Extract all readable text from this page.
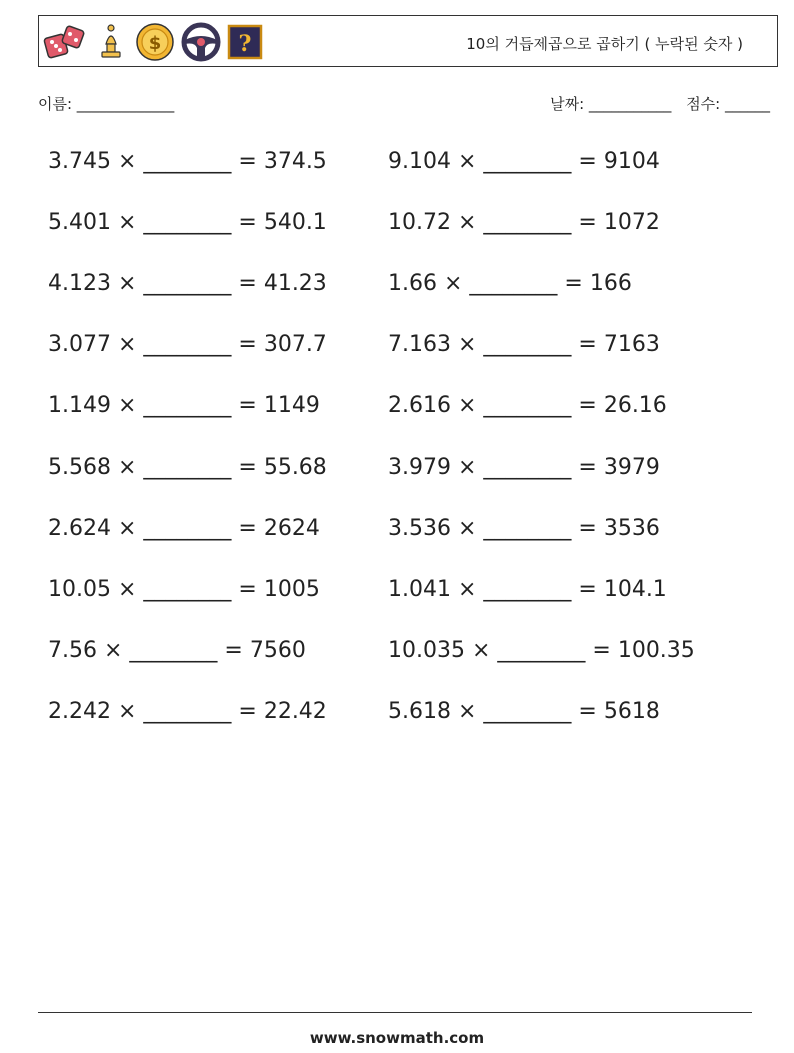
$	?	10의 거듭제곱으로 곱하기 ( 누락된 숫자 )
이름: _____________	날짜: ___________ 점수: ______
3.745 × ________ = 374.5
5.401 × ________ = 540.1
4.123 × ________ = 41.23
3.077 × ________ = 307.7
1.149 × ________ = 1149
5.568 × ________ = 55.68
2.624 × ________ = 2624
10.05 × ________ = 1005
7.56 × ________ = 7560
2.242 × ________ = 22.42
9.104 × ________ = 9104
10.72 × ________ = 1072
1.66 × ________ = 166
7.163 × ________ = 7163
2.616 × ________ = 26.16
3.979 × ________ = 3979
3.536 × ________ = 3536
1.041 × ________ = 104.1
10.035 × ________ = 100.35
5.618 × ________ = 5618
www.snowmath.com
